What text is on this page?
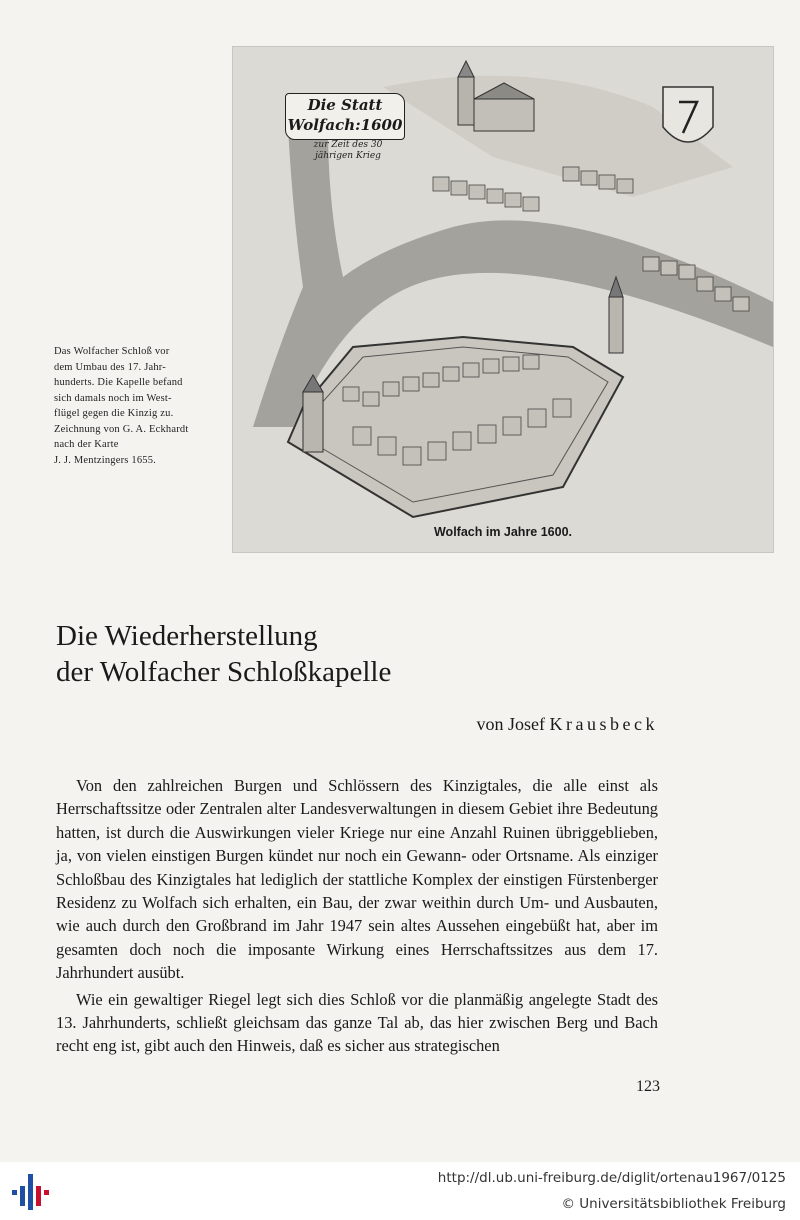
Die Statt
Wolfach:1600
zur Zeit des 30
jährigen Krieg
Wolfach im Jahre 1600.
Das Wolfacher Schloß vor
dem Umbau des 17. Jahr-
hunderts. Die Kapelle befand
sich damals noch im West-
flügel gegen die Kinzig zu.
Zeichnung von G. A. Eckhardt
nach der Karte
J. J. Mentzingers 1655.
Die Wiederherstellung
der Wolfacher Schloßkapelle
von Josef Krausbeck

Von den zahlreichen Burgen und Schlössern des Kinzigtales, die alle einst als Herrschaftssitze oder Zentralen alter Landesverwaltungen in diesem Gebiet ihre Bedeutung hatten, ist durch die Auswirkungen vieler Kriege nur eine Anzahl Ruinen übriggeblieben, ja, von vielen einstigen Burgen kündet nur noch ein Gewann- oder Ortsname. Als einziger Schloßbau des Kinzigtales hat lediglich der stattliche Komplex der einstigen Fürstenberger Residenz zu Wolfach sich erhalten, ein Bau, der zwar weithin durch Um- und Ausbauten, wie auch durch den Großbrand im Jahr 1947 sein altes Aussehen eingebüßt hat, aber im gesamten doch noch die imposante Wirkung eines Herrschaftssitzes aus dem 17. Jahrhundert ausübt.

Wie ein gewaltiger Riegel legt sich dies Schloß vor die planmäßig angelegte Stadt des 13. Jahrhunderts, schließt gleichsam das ganze Tal ab, das hier zwischen Berg und Bach recht eng ist, gibt auch den Hinweis, daß es sicher aus strategischen

123
http://dl.ub.uni-freiburg.de/diglit/ortenau1967/0125
© Universitätsbibliothek Freiburg
